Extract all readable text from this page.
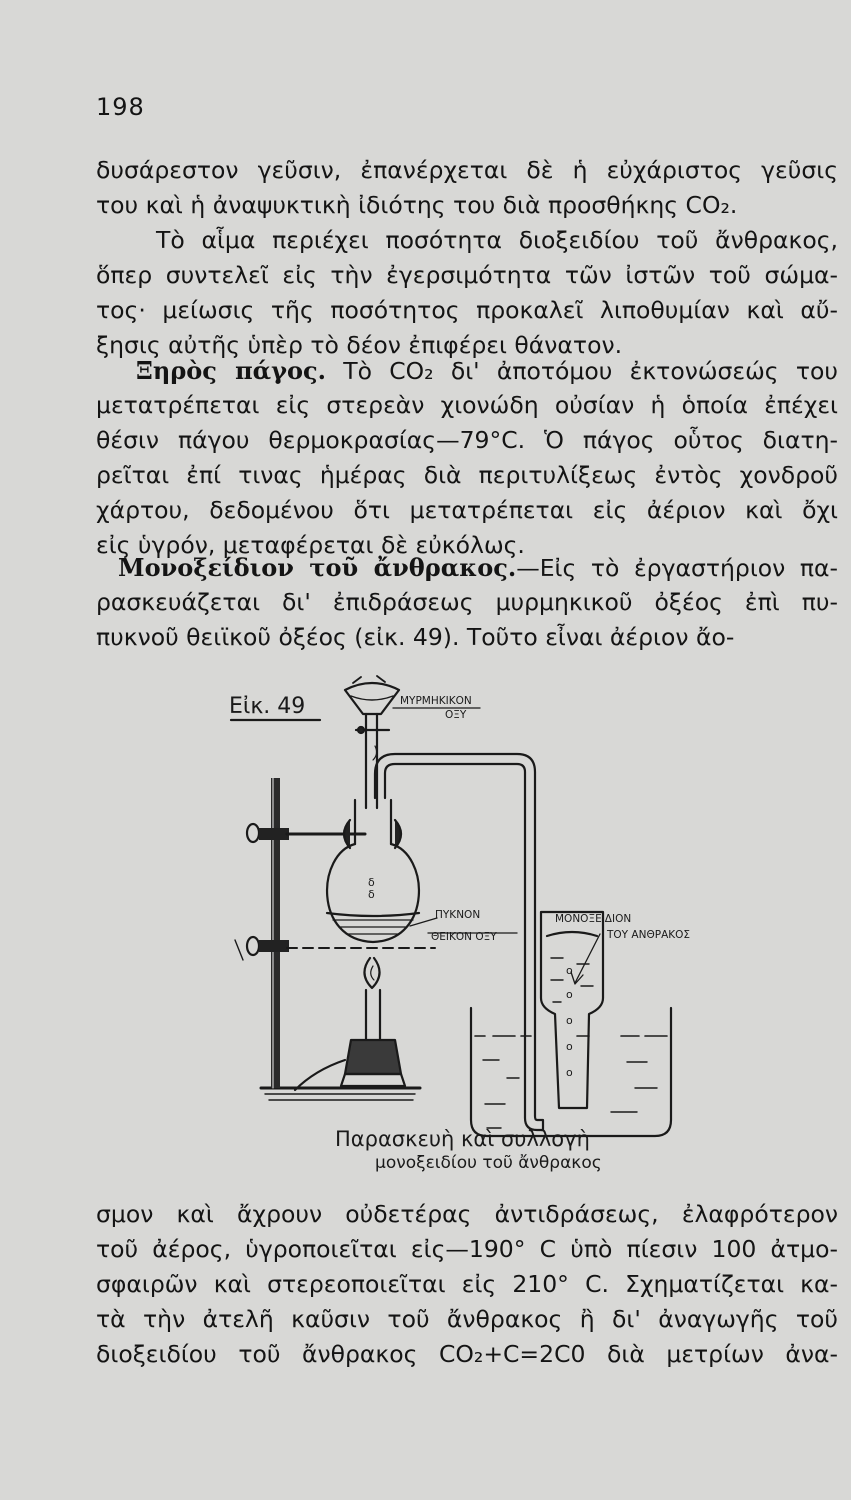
198
δυσάρεστον γεῦσιν, ἐπανέρχεται δὲ ἡ εὐχάριστος γεῦσις
του καὶ ἡ ἀναψυκτικὴ ἰδιότης του διὰ προσθήκης CO₂.
Τὸ αἷμα περιέχει ποσότητα διοξειδίου τοῦ ἄνθρακος,
ὅπερ συντελεῖ εἰς τὴν ἐγερσιμότητα τῶν ἰστῶν τοῦ σώμα-
τος· μείωσις τῆς ποσότητος προκαλεῖ λιποθυμίαν καὶ αὔ-
ξησις αὐτῆς ὑπὲρ τὸ δέον ἐπιφέρει θάνατον.
Ξηρὸς πάγος. Τὸ CO₂ δι' ἀποτόμου ἐκτονώσεώς του
μετατρέπεται εἰς στερεὰν χιονώδη οὐσίαν ἡ ὁποία ἐπέχει
θέσιν πάγου θερμοκρασίας—79°C. Ὁ πάγος οὗτος διατη-
ρεῖται ἐπί τινας ἡμέρας διὰ περιτυλίξεως ἐντὸς χονδροῦ
χάρτου, δεδομένου ὅτι μετατρέπεται εἰς ἀέριον καὶ ὄχι
εἰς ὑγρόν, μεταφέρεται δὲ εὐκόλως.
Μονοξείδιον τοῦ ἄνθρακος.—Εἰς τὸ ἐργαστήριον πα-
ρασκευάζεται δι' ἐπιδράσεως μυρμηκικοῦ ὀξέος ἐπὶ πυ-
πυκνοῦ θειϊκοῦ ὀξέος (εἰκ. 49). Τοῦτο εἶναι ἀέριον ἄο-
Εἰκ. 49	ΜΥΡΜΗΚΙΚΟΝ
ΟΞΥ
δ
δ
ΠΥΚΝΟΝ
ΘΕΙΚΟΝ ΟΞΥ
o
o
o
o
o
ΜΟΝΟΞΕΙΔΙΟΝ
ΤΟΥ ΑΝΘΡΑΚΟΣ
Παρασκευὴ καὶ συλλογὴ
μονοξειδίου τοῦ ἄνθρακος
σμον καὶ ἄχρουν οὐδετέρας ἀντιδράσεως, ἐλαφρότερον
τοῦ ἀέρος, ὑγροποιεῖται εἰς—190° C ὑπὸ πίεσιν 100 ἀτμο-
σφαιρῶν καὶ στερεοποιεῖται εἰς 210° C. Σχηματίζεται κα-
τὰ τὴν ἀτελῆ καῦσιν τοῦ ἄνθρακος ἢ δι' ἀναγωγῆς τοῦ
διοξειδίου τοῦ ἄνθρακος CO₂+C=2C0 διὰ μετρίων ἀνα-
